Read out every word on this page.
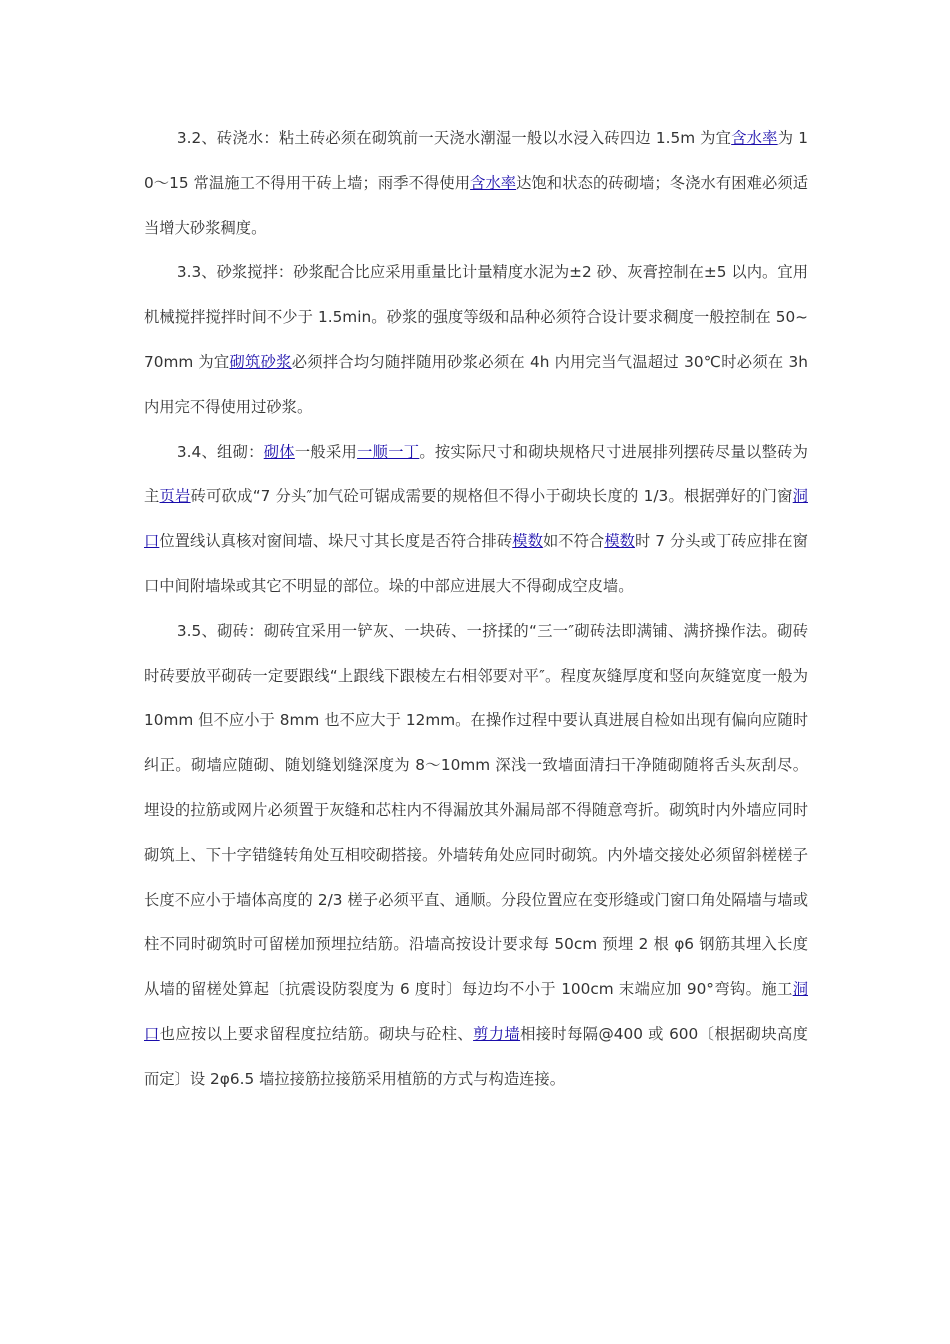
3.2、砖浇水：粘土砖必须在砌筑前一天浇水潮湿一般以水浸入砖四边 1.5m 为宜含水率为 10～15 常温施工不得用干砖上墙；雨季不得使用含水率达饱和状态的砖砌墙；冬浇水有困难必须适当增大砂浆稠度。

3.3、砂浆搅拌：砂浆配合比应采用重量比计量精度水泥为±2 砂、灰膏控制在±5 以内。宜用机械搅拌搅拌时间不少于 1.5min。砂浆的强度等级和品种必须符合设计要求稠度一般控制在 50~70mm 为宜砌筑砂浆必须拌合均匀随拌随用砂浆必须在 4h 内用完当气温超过 30℃时必须在 3h 内用完不得使用过砂浆。

3.4、组砌：砌体一般采用一顺一丁。按实际尺寸和砌块规格尺寸进展排列摆砖尽量以整砖为主页岩砖可砍成“7 分头″加气砼可锯成需要的规格但不得小于砌块长度的 1/3。根据弹好的门窗洞口位置线认真核对窗间墙、垛尺寸其长度是否符合排砖模数如不符合模数时 7 分头或丁砖应排在窗口中间附墙垛或其它不明显的部位。垛的中部应进展大不得砌成空皮墙。

3.5、砌砖：砌砖宜采用一铲灰、一块砖、一挤揉的“三一″砌砖法即满铺、满挤操作法。砌砖时砖要放平砌砖一定要跟线“上跟线下跟棱左右相邻要对平″。程度灰缝厚度和竖向灰缝宽度一般为 10mm 但不应小于 8mm 也不应大于 12mm。在操作过程中要认真进展自检如出现有偏向应随时纠正。砌墙应随砌、随划缝划缝深度为 8～10mm 深浅一致墙面清扫干净随砌随将舌头灰刮尽。埋设的拉筋或网片必须置于灰缝和芯柱内不得漏放其外漏局部不得随意弯折。砌筑时内外墙应同时砌筑上、下十字错缝转角处互相咬砌搭接。外墙转角处应同时砌筑。内外墙交接处必须留斜槎槎子长度不应小于墙体高度的 2/3 槎子必须平直、通顺。分段位置应在变形缝或门窗口角处隔墙与墙或柱不同时砌筑时可留槎加预埋拉结筋。沿墙高按设计要求每 50cm 预埋 2 根 φ6 钢筋其埋入长度从墙的留槎处算起〔抗震设防裂度为 6 度时〕每边均不小于 100cm 末端应加 90°弯钩。施工洞口也应按以上要求留程度拉结筋。砌块与砼柱、剪力墙相接时每隔@400 或 600〔根据砌块高度而定〕设 2φ6.5 墙拉接筋拉接筋采用植筋的方式与构造连接。
